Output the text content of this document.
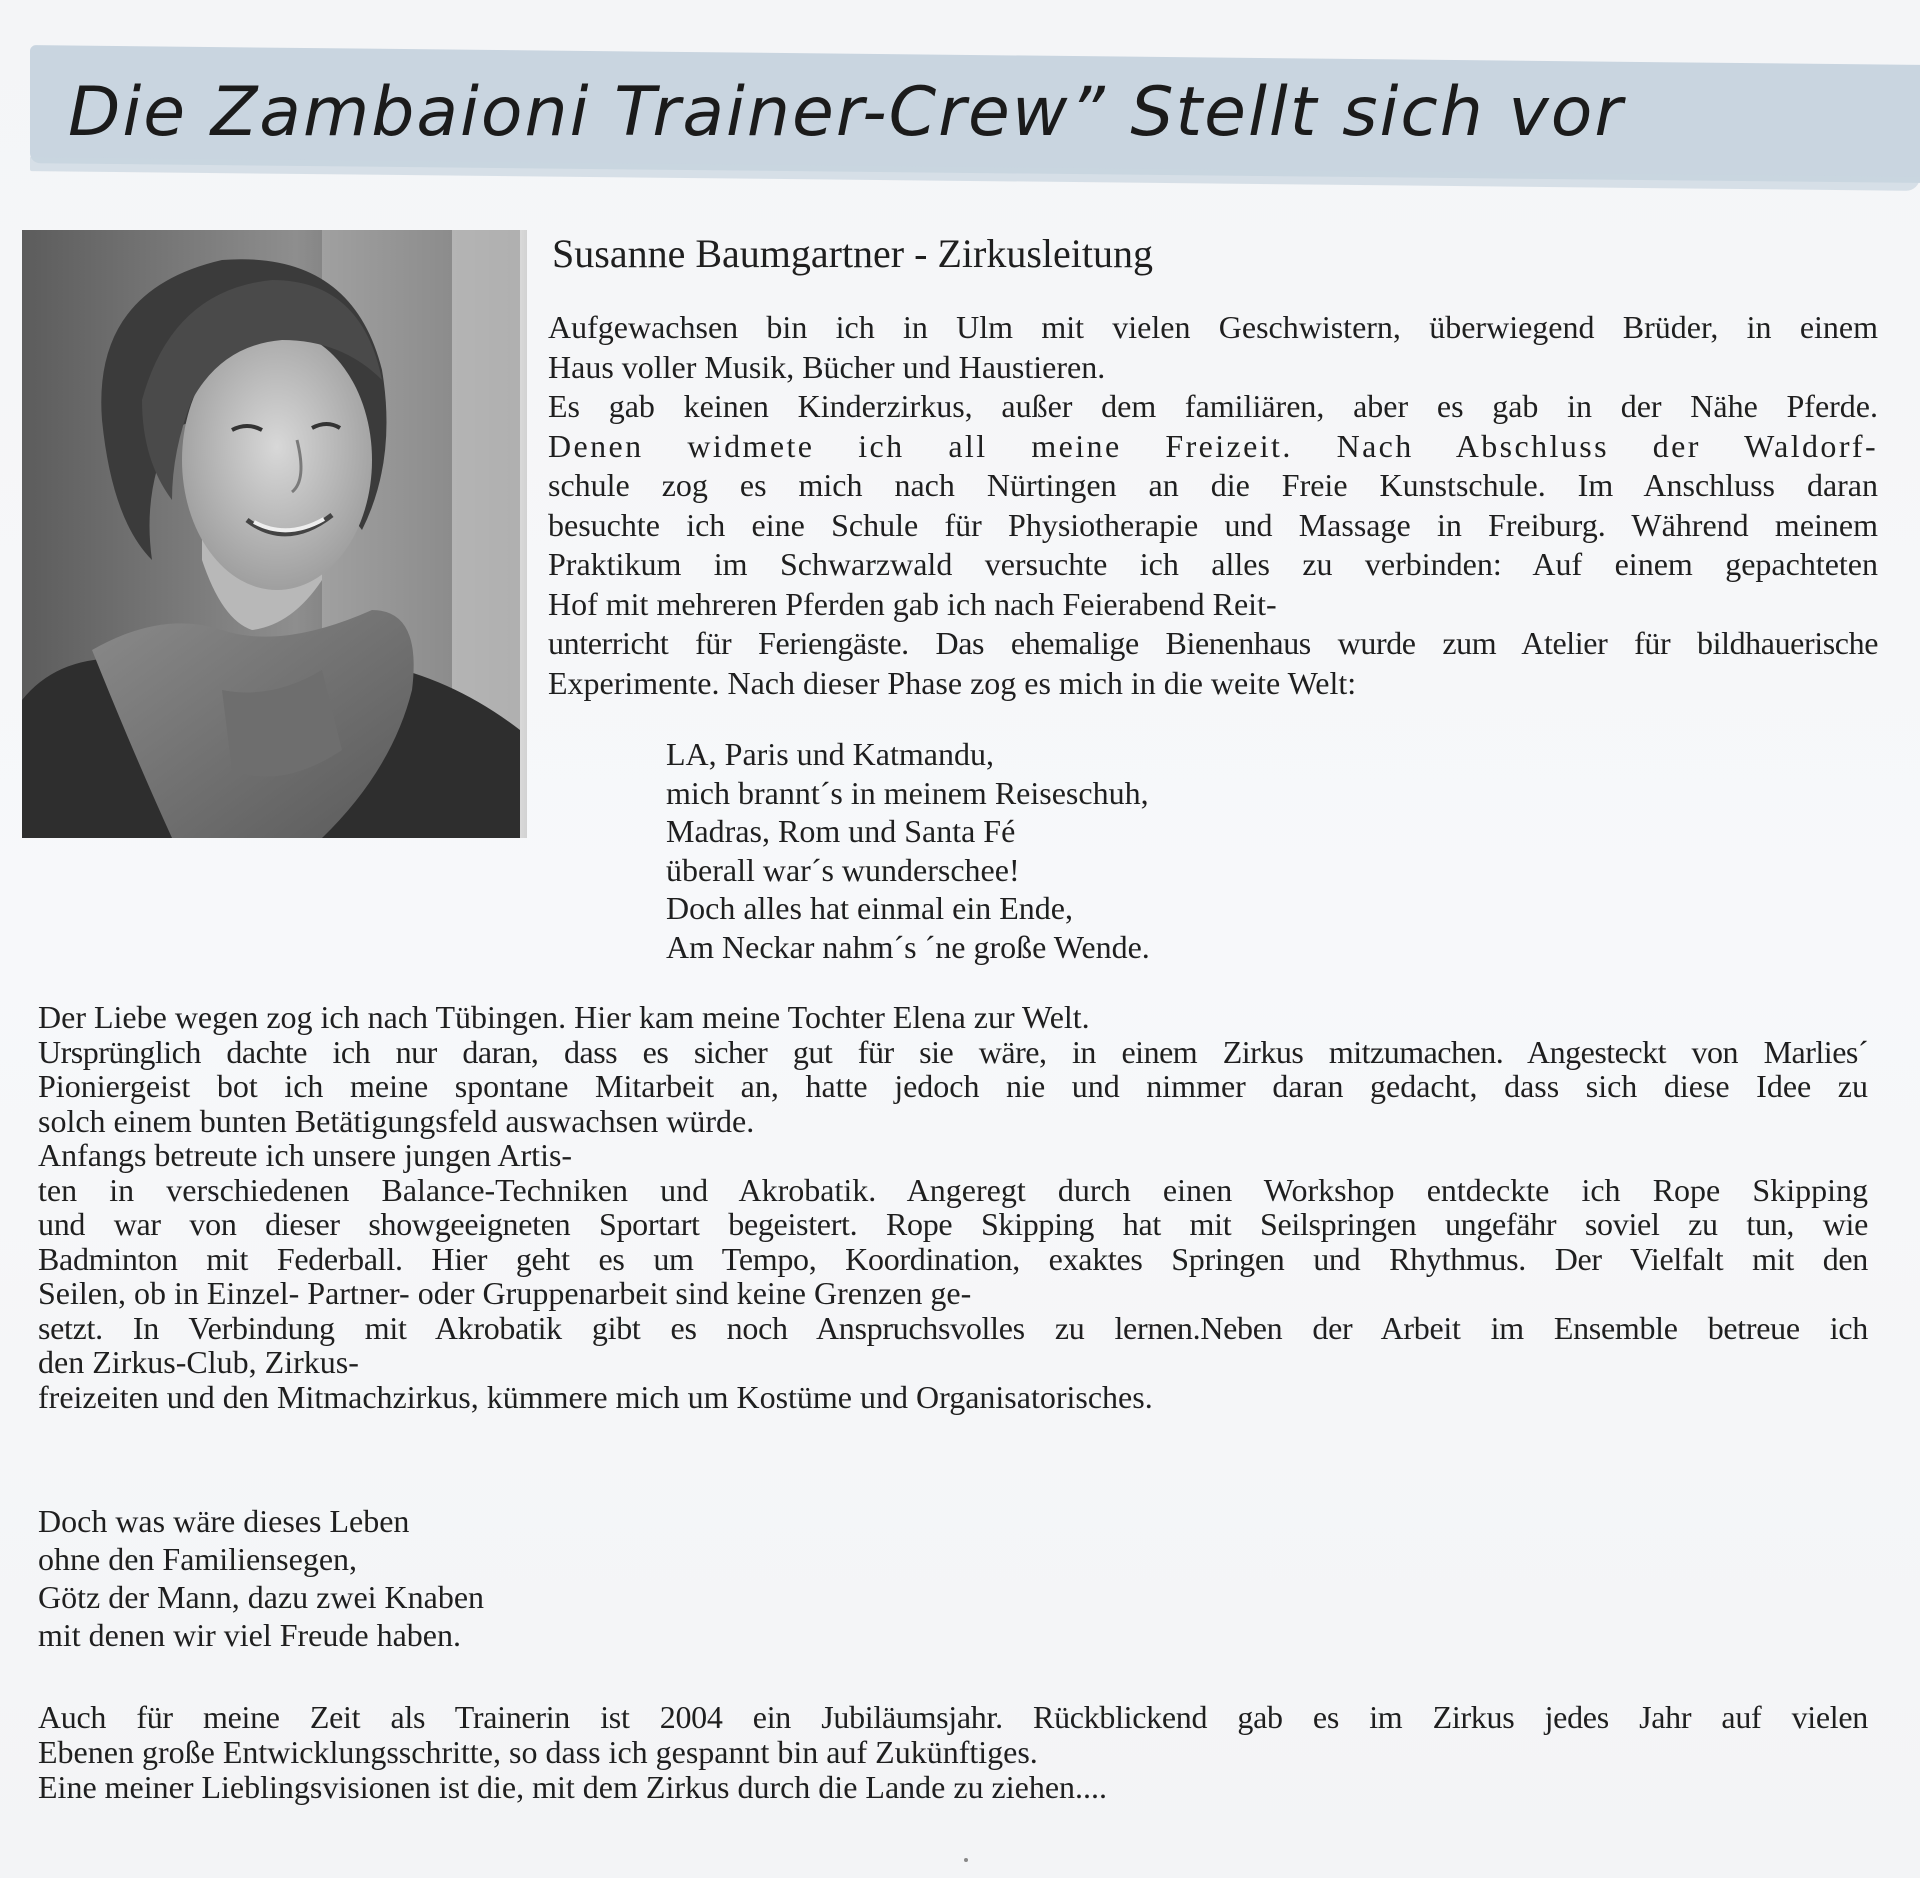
Die Zambaioni Trainer-Crew” Stellt sich vor
Susanne Baumgartner - Zirkusleitung
Aufgewachsen bin ich in Ulm mit vielen Geschwistern, überwiegend Brüder, in einem
Haus voller Musik, Bücher und Haustieren.
Es gab keinen Kinderzirkus, außer dem familiären, aber es gab in der Nähe Pferde.
Denen widmete ich all meine Freizeit. Nach Abschluss der Waldorf-
schule zog es mich nach Nürtingen an die Freie Kunstschule. Im Anschluss daran
besuchte ich eine Schule für Physiotherapie und Massage in Freiburg. Während meinem
Praktikum im Schwarzwald versuchte ich alles zu verbinden: Auf einem gepachteten
Hof mit mehreren Pferden gab ich nach Feierabend Reit-
unterricht für Feriengäste. Das ehemalige Bienenhaus wurde zum Atelier für bildhauerische
Experimente. Nach dieser Phase zog es mich in die weite Welt:
LA, Paris und Katmandu,
mich brannt´s in meinem Reiseschuh,
Madras, Rom und Santa Fé
überall war´s wunderschee!
Doch alles hat einmal ein Ende,
Am Neckar nahm´s ´ne große Wende.
Der Liebe wegen zog ich nach Tübingen. Hier kam meine Tochter Elena zur Welt.
Ursprünglich dachte ich nur daran, dass es sicher gut für sie wäre, in einem Zirkus mitzumachen. Angesteckt von Marlies´
Pioniergeist bot ich meine spontane Mitarbeit an, hatte jedoch nie und nimmer daran gedacht, dass sich diese Idee zu
solch einem bunten Betätigungsfeld auswachsen würde.
Anfangs betreute ich unsere jungen Artis-
ten in verschiedenen Balance-Techniken und Akrobatik. Angeregt durch einen Workshop entdeckte ich Rope Skipping
und war von dieser showgeeigneten Sportart begeistert. Rope Skipping hat mit Seilspringen ungefähr soviel zu tun, wie
Badminton mit Federball. Hier geht es um Tempo, Koordination, exaktes Springen und Rhythmus. Der Vielfalt mit den
Seilen, ob in Einzel- Partner- oder Gruppenarbeit sind keine Grenzen ge-
setzt. In Verbindung mit Akrobatik gibt es noch Anspruchsvolles zu lernen.Neben der Arbeit im Ensemble betreue ich
den Zirkus-Club, Zirkus-
freizeiten und den Mitmachzirkus, kümmere mich um Kostüme und Organisatorisches.
Doch was wäre dieses Leben
ohne den Familiensegen,
Götz der Mann, dazu zwei Knaben
mit denen wir viel Freude haben.
Auch für meine Zeit als Trainerin ist 2004 ein Jubiläumsjahr. Rückblickend gab es im Zirkus jedes Jahr auf vielen
Ebenen große Entwicklungsschritte, so dass ich gespannt bin auf Zukünftiges.
Eine meiner Lieblingsvisionen ist die, mit dem Zirkus durch die Lande zu ziehen....
